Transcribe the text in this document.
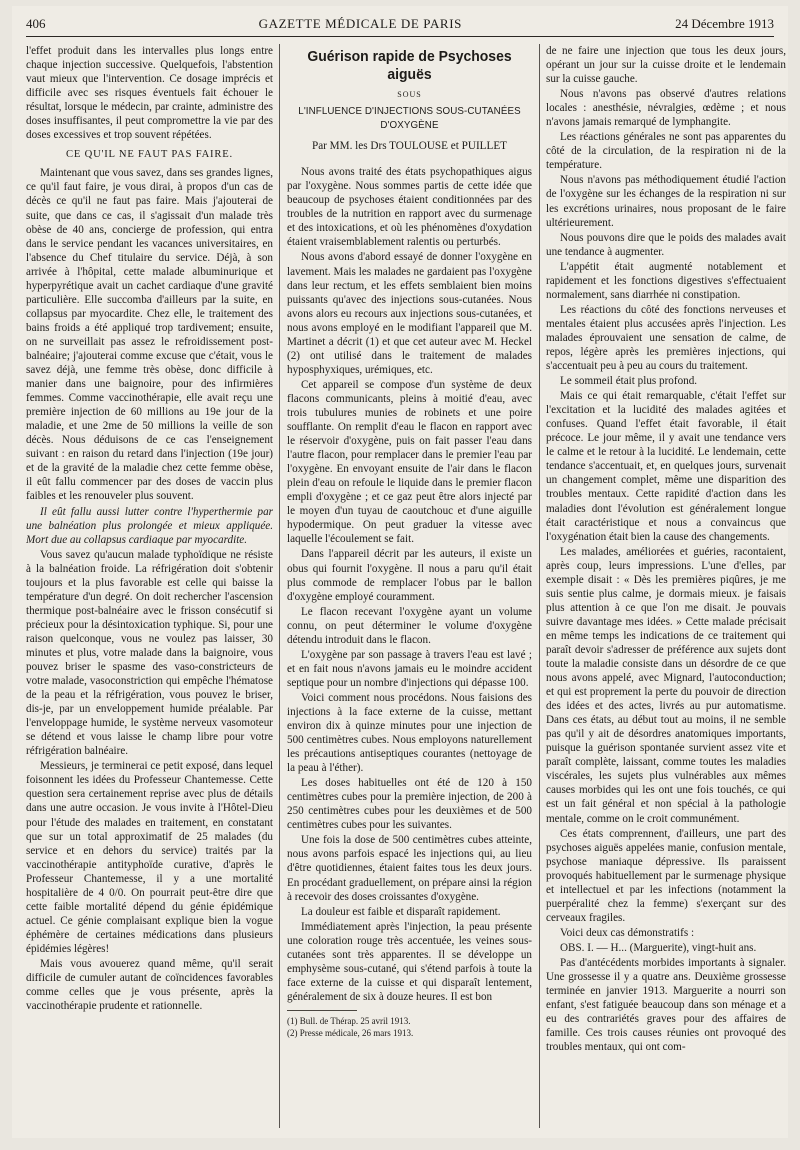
406	GAZETTE MÉDICALE DE PARIS	24 Décembre 1913

l'effet produit dans les intervalles plus longs entre chaque injection successive. Quelquefois, l'abstention vaut mieux que l'intervention. Ce dosage imprécis et difficile avec ses risques éventuels fait échouer le résultat, lorsque le médecin, par crainte, administre des doses insuffisantes, il peut compromettre la vie par des doses excessives et trop souvent répétées.

CE QU'IL NE FAUT PAS FAIRE.

Maintenant que vous savez, dans ses grandes lignes, ce qu'il faut faire, je vous dirai, à propos d'un cas de décès ce qu'il ne faut pas faire. Mais j'ajouterai de suite, que dans ce cas, il s'agissait d'un malade très obèse de 40 ans, concierge de profession, qui entra dans le service pendant les vacances universitaires, en l'absence du Chef titulaire du service. Déjà, à son arrivée à l'hôpital, cette malade albuminurique et hyperpyrétique avait un cachet cardiaque d'une gravité particulière. Elle succomba d'ailleurs par la suite, en collapsus par myocardite. Chez elle, le traitement des bains froids a été appliqué trop tardivement; ensuite, on ne surveillait pas assez le refroidissement post-balnéaire; j'ajouterai comme excuse que c'était, vous le savez déjà, une femme très obèse, donc difficile à manier dans une baignoire, pour des infirmières femmes. Comme vaccinothérapie, elle avait reçu une première injection de 60 millions au 19e jour de la maladie, et une 2me de 50 millions la veille de son décès. Nous déduisons de ce cas l'enseignement suivant : en raison du retard dans l'injection (19e jour) et de la gravité de la maladie chez cette femme obèse, il eût fallu commencer par des doses de vaccin plus faibles et les renouveler plus souvent.

Il eût fallu aussi lutter contre l'hyperthermie par une balnéation plus prolongée et mieux appliquée. Mort due au collapsus cardiaque par myocardite.

Vous savez qu'aucun malade typhoïdique ne résiste à la balnéation froide. La réfrigération doit s'obtenir toujours et la plus favorable est celle qui baisse la température d'un degré. On doit rechercher l'ascension thermique post-balnéaire avec le frisson consécutif si précieux pour la désintoxication typhique. Si, pour une raison quelconque, vous ne voulez pas laisser, 30 minutes et plus, votre malade dans la baignoire, vous pouvez briser le spasme des vaso-constricteurs de votre malade, vasoconstriction qui empêche l'hématose de la peau et la réfrigération, vous pouvez le briser, dis-je, par un enveloppement humide préalable. Par l'enveloppage humide, le système nerveux vasomoteur se détend et vous laisse le champ libre pour votre réfrigération balnéaire.

Messieurs, je terminerai ce petit exposé, dans lequel foisonnent les idées du Professeur Chantemesse. Cette question sera certainement reprise avec plus de détails dans une autre occasion. Je vous invite à l'Hôtel-Dieu pour l'étude des malades en traitement, en constatant que sur un total approximatif de 25 malades (du service et en dehors du service) traités par la vaccinothérapie antityphoïde curative, d'après le Professeur Chantemesse, il y a une mortalité hospitalière de 4 0/0. On pourrait peut-être dire que cette faible mortalité dépend du génie épidémique actuel. Ce génie complaisant explique bien la vogue éphémère de certaines médications dans plusieurs épidémies légères!

Mais vous avouerez quand même, qu'il serait difficile de cumuler autant de coïncidences favorables comme celles que je vous présente, après la vaccinothérapie prudente et rationnelle.

Guérison rapide de Psychoses aiguës
SOUS
L'INFLUENCE D'INJECTIONS SOUS-CUTANÉES D'OXYGÈNE
Par MM. les Drs TOULOUSE et PUILLET

Nous avons traité des états psychopathiques aigus par l'oxygène. Nous sommes partis de cette idée que beaucoup de psychoses étaient conditionnées par des troubles de la nutrition en rapport avec du surmenage et des intoxications, et où les phénomènes d'oxydation étaient vraisemblablement ralentis ou perturbés.

Nous avons d'abord essayé de donner l'oxygène en lavement. Mais les malades ne gardaient pas l'oxygène dans leur rectum, et les effets semblaient bien moins puissants qu'avec des injections sous-cutanées. Nous avons alors eu recours aux injections sous-cutanées, et nous avons employé en le modifiant l'appareil que M. Martinet a décrit (1) et que cet auteur avec M. Heckel (2) ont utilisé dans le traitement de malades hyposphyxiques, urémiques, etc.

Cet appareil se compose d'un système de deux flacons communicants, pleins à moitié d'eau, avec trois tubulures munies de robinets et une poire soufflante. On remplit d'eau le flacon en rapport avec le réservoir d'oxygène, puis on fait passer l'eau dans l'autre flacon, pour remplacer dans le premier l'eau par l'oxygène. En envoyant ensuite de l'air dans le flacon plein d'eau on refoule le liquide dans le premier flacon empli d'oxygène ; et ce gaz peut être alors injecté par le moyen d'un tuyau de caoutchouc et d'une aiguille hypodermique. On peut graduer la vitesse avec laquelle l'écoulement se fait.

Dans l'appareil décrit par les auteurs, il existe un obus qui fournit l'oxygène. Il nous a paru qu'il était plus commode de remplacer l'obus par le ballon d'oxygène employé couramment.

Le flacon recevant l'oxygène ayant un volume connu, on peut déterminer le volume d'oxygène détendu introduit dans le flacon.

L'oxygène par son passage à travers l'eau est lavé ; et en fait nous n'avons jamais eu le moindre accident septique pour un nombre d'injections qui dépasse 100.

Voici comment nous procédons. Nous faisions des injections à la face externe de la cuisse, mettant environ dix à quinze minutes pour une injection de 500 centimètres cubes. Nous employons naturellement les précautions antiseptiques courantes (nettoyage de la peau à l'éther).

Les doses habituelles ont été de 120 à 150 centimètres cubes pour la première injection, de 200 à 250 centimètres cubes pour les deuxièmes et de 500 centimètres cubes pour les suivantes.

Une fois la dose de 500 centimètres cubes atteinte, nous avons parfois espacé les injections qui, au lieu d'être quotidiennes, étaient faites tous les deux jours. En procédant graduellement, on prépare ainsi la région à recevoir des doses croissantes d'oxygène.

La douleur est faible et disparaît rapidement.

Immédiatement après l'injection, la peau présente une coloration rouge très accentuée, les veines sous-cutanées sont très apparentes. Il se développe un emphysème sous-cutané, qui s'étend parfois à toute la face externe de la cuisse et qui disparaît lentement, généralement de six à douze heures. Il est bon

(1) Bull. de Thérap. 25 avril 1913.
(2) Presse médicale, 26 mars 1913.

de ne faire une injection que tous les deux jours, opérant un jour sur la cuisse droite et le lendemain sur la cuisse gauche.

Nous n'avons pas observé d'autres relations locales : anesthésie, névralgies, œdème ; et nous n'avons jamais remarqué de lymphangite.

Les réactions générales ne sont pas apparentes du côté de la circulation, de la respiration ni de la température.

Nous n'avons pas méthodiquement étudié l'action de l'oxygène sur les échanges de la respiration ni sur les excrétions urinaires, nous proposant de le faire ultérieurement.

Nous pouvons dire que le poids des malades avait une tendance à augmenter.

L'appétit était augmenté notablement et rapidement et les fonctions digestives s'effectuaient normalement, sans diarrhée ni constipation.

Les réactions du côté des fonctions nerveuses et mentales étaient plus accusées après l'injection. Les malades éprouvaient une sensation de calme, de repos, légère après les premières injections, qui s'accentuait peu à peu au cours du traitement.

Le sommeil était plus profond.

Mais ce qui était remarquable, c'était l'effet sur l'excitation et la lucidité des malades agitées et confuses. Quand l'effet était favorable, il était précoce. Le jour même, il y avait une tendance vers le calme et le retour à la lucidité. Le lendemain, cette tendance s'accentuait, et, en quelques jours, survenait un changement complet, même une disparition des troubles mentaux. Cette rapidité d'action dans les maladies dont l'évolution est généralement longue était caractéristique et nous a convaincus que l'oxygénation était bien la cause des changements.

Les malades, améliorées et guéries, racontaient, après coup, leurs impressions. L'une d'elles, par exemple disait : « Dès les premières piqûres, je me suis sentie plus calme, je dormais mieux. je faisais plus attention à ce que l'on me disait. Je pouvais suivre davantage mes idées. » Cette malade précisait en même temps les indications de ce traitement qui paraît devoir s'adresser de préférence aux sujets dont toute la maladie consiste dans un désordre de ce que nous avons appelé, avec Mignard, l'autoconduction; et qui est proprement la perte du pouvoir de direction des idées et des actes, livrés au pur automatisme. Dans ces états, au début tout au moins, il ne semble pas qu'il y ait de désordres anatomiques importants, puisque la guérison spontanée survient assez vite et paraît complète, laissant, comme toutes les maladies viscérales, les sujets plus vulnérables aux mêmes causes morbides qui les ont une fois touchés, ce qui est un fait général et non spécial à la pathologie mentale, comme on le croit communément.

Ces états comprennent, d'ailleurs, une part des psychoses aiguës appelées manie, confusion mentale, psychose maniaque dépressive. Ils paraissent provoqués habituellement par le surmenage physique et intellectuel et par les infections (notamment la puerpéralité chez la femme) s'exerçant sur des cerveaux fragiles.

Voici deux cas démonstratifs :

OBS. I. — H... (Marguerite), vingt-huit ans.

Pas d'antécédents morbides importants à signaler. Une grossesse il y a quatre ans. Deuxième grossesse terminée en janvier 1913. Marguerite a nourri son enfant, s'est fatiguée beaucoup dans son ménage et a eu des contrariétés graves pour des affaires de famille. Ces trois causes réunies ont provoqué des troubles mentaux, qui ont com-
